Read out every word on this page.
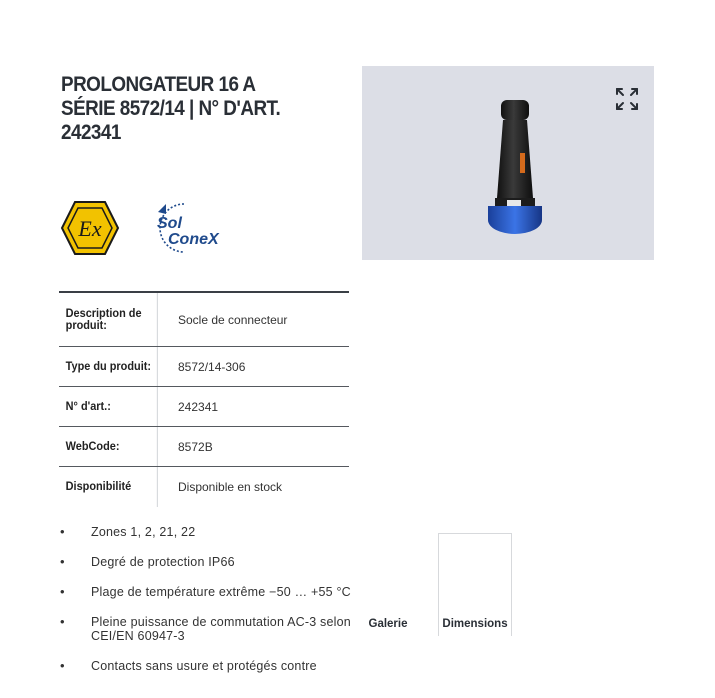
PROLONGATEUR 16 A
SÉRIE 8572/14 | N° D'ART.
242341
Ex	Sol
ConeX
Description de produit:	Socle de connecteur
Type du produit:	8572/14-306
N° d'art.:	242341
WebCode:	8572B
Disponibilité	Disponible en stock
• Zones 1, 2, 21, 22
• Degré de protection IP66
• Plage de température extrême −50 … +55 °C
• Pleine puissance de commutation AC-3 selon CEI/EN 60947-3
• Contacts sans usure et protégés contre
Galerie	Dimensions
